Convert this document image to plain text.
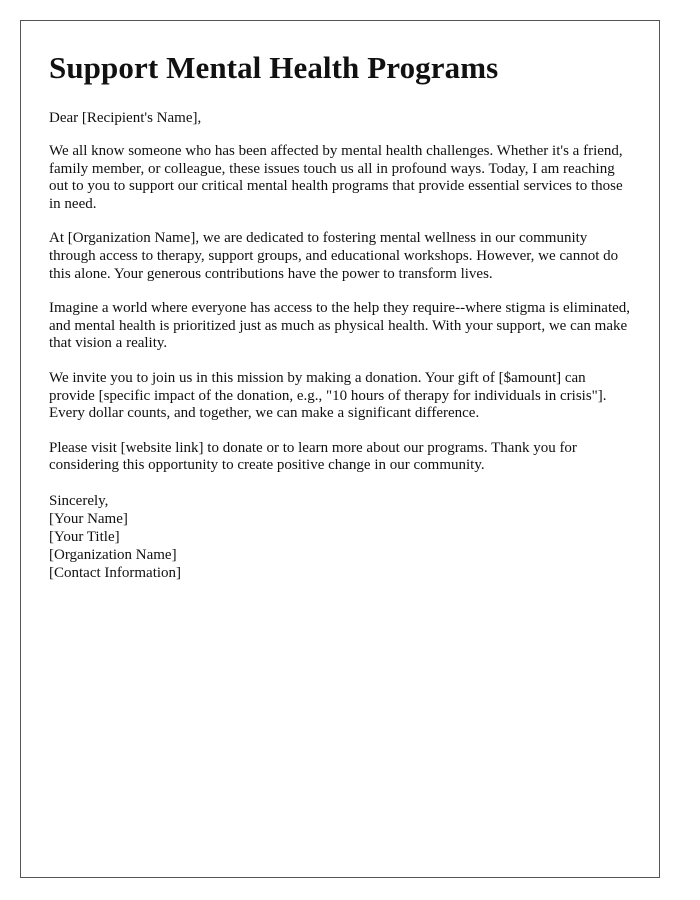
Support Mental Health Programs

Dear [Recipient's Name],

We all know someone who has been affected by mental health challenges. Whether it's a friend, family member, or colleague, these issues touch us all in profound ways. Today, I am reaching out to you to support our critical mental health programs that provide essential services to those in need.

At [Organization Name], we are dedicated to fostering mental wellness in our community through access to therapy, support groups, and educational workshops. However, we cannot do this alone. Your generous contributions have the power to transform lives.

Imagine a world where everyone has access to the help they require--where stigma is eliminated, and mental health is prioritized just as much as physical health. With your support, we can make that vision a reality.

We invite you to join us in this mission by making a donation. Your gift of [$amount] can provide [specific impact of the donation, e.g., "10 hours of therapy for individuals in crisis"]. Every dollar counts, and together, we can make a significant difference.

Please visit [website link] to donate or to learn more about our programs. Thank you for considering this opportunity to create positive change in our community.

Sincerely,
[Your Name]
[Your Title]
[Organization Name]
[Contact Information]
